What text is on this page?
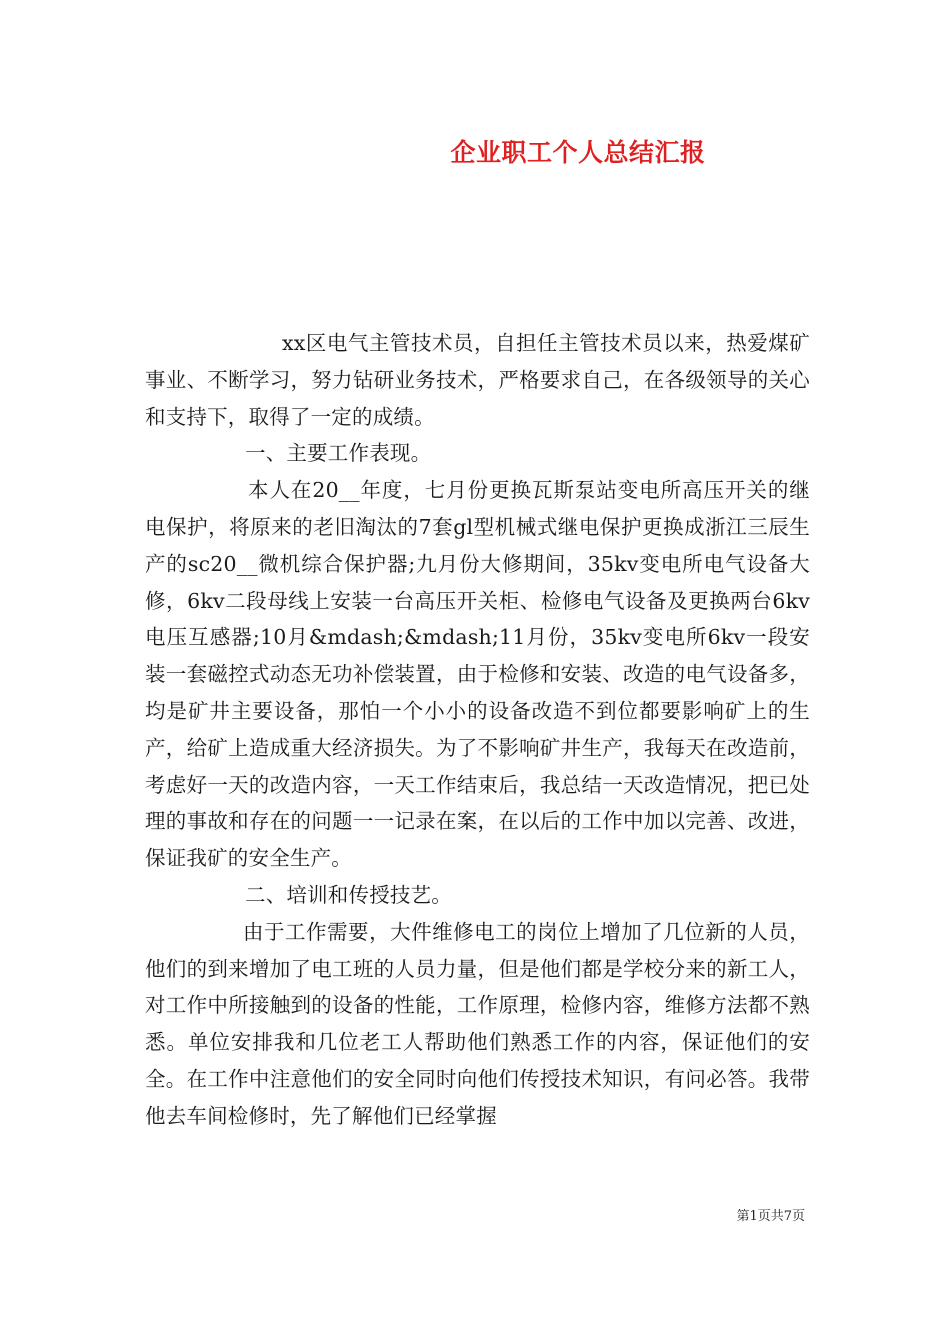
企业职工个人总结汇报

xx区电气主管技术员，自担任主管技术员以来，热爱煤矿事业、不断学习，努力钻研业务技术，严格要求自己，在各级领导的关心和支持下，取得了一定的成绩。

一、主要工作表现。

本人在20__年度，七月份更换瓦斯泵站变电所高压开关的继电保护，将原来的老旧淘汰的7套gl型机械式继电保护更换成浙江三辰生产的sc20__微机综合保护器;九月份大修期间，35kv变电所电气设备大修，6kv二段母线上安装一台高压开关柜、检修电气设备及更换两台6kv电压互感器;10月&mdash;&mdash;11月份，35kv变电所6kv一段安装一套磁控式动态无功补偿装置，由于检修和安装、改造的电气设备多，均是矿井主要设备，那怕一个小小的设备改造不到位都要影响矿上的生产，给矿上造成重大经济损失。为了不影响矿井生产，我每天在改造前，考虑好一天的改造内容，一天工作结束后，我总结一天改造情况，把已处理的事故和存在的问题一一记录在案，在以后的工作中加以完善、改进，保证我矿的安全生产。

二、培训和传授技艺。

由于工作需要，大件维修电工的岗位上增加了几位新的人员，他们的到来增加了电工班的人员力量，但是他们都是学校分来的新工人，对工作中所接触到的设备的性能，工作原理，检修内容，维修方法都不熟悉。单位安排我和几位老工人帮助他们熟悉工作的内容，保证他们的安全。在工作中注意他们的安全同时向他们传授技术知识，有问必答。我带他去车间检修时，先了解他们已经掌握

第1页共7页
